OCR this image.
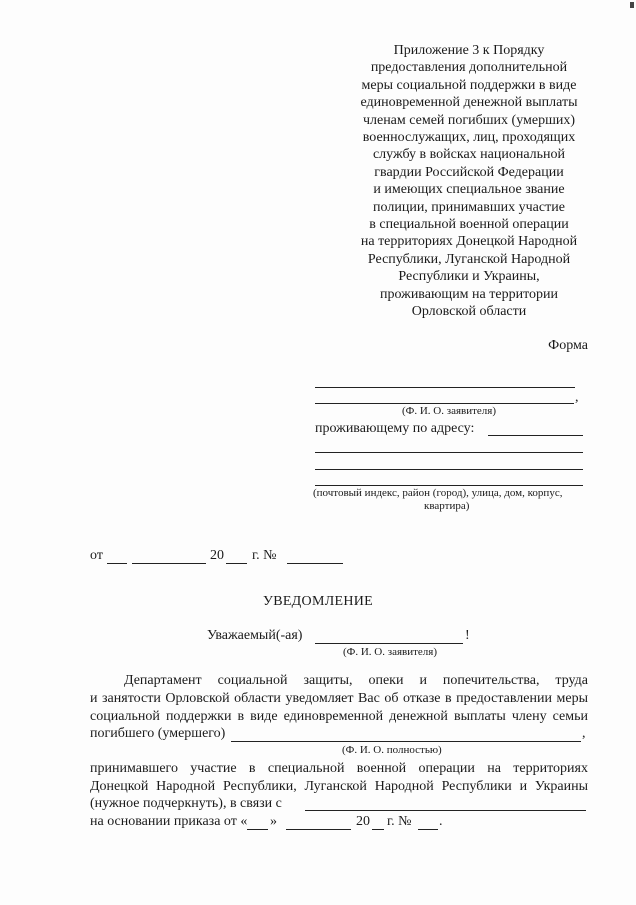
Приложение 3 к Порядку
предоставления дополнительной
меры социальной поддержки в виде
единовременной денежной выплаты
членам семей погибших (умерших)
военнослужащих, лиц, проходящих
службу в войсках национальной
гвардии Российской Федерации
и имеющих специальное звание
полиции, принимавших участие
в специальной военной операции
на территориях Донецкой Народной
Республики, Луганской Народной
Республики и Украины,
проживающим на территории
Орловской области
Форма
,
(Ф. И. О. заявителя)
проживающему по адресу:
(почтовый индекс, район (город), улица, дом, корпус,
квартира)
от	20 г. №
УВЕДОМЛЕНИЕ
Уважаемый(-ая)	!
(Ф. И. О. заявителя)
Департамент социальной защиты, опеки и попечительства, труда
и занятости Орловской области уведомляет Вас об отказе в предоставлении меры
социальной поддержки в виде единовременной денежной выплаты члену семьи
погибшего (умершего)	,
(Ф. И. О. полностью)
принимавшего участие в специальной военной операции на территориях
Донецкой Народной Республики, Луганской Народной Республики и Украины
(нужное подчеркнуть), в связи с
на основании приказа от « »	20 г. № .
